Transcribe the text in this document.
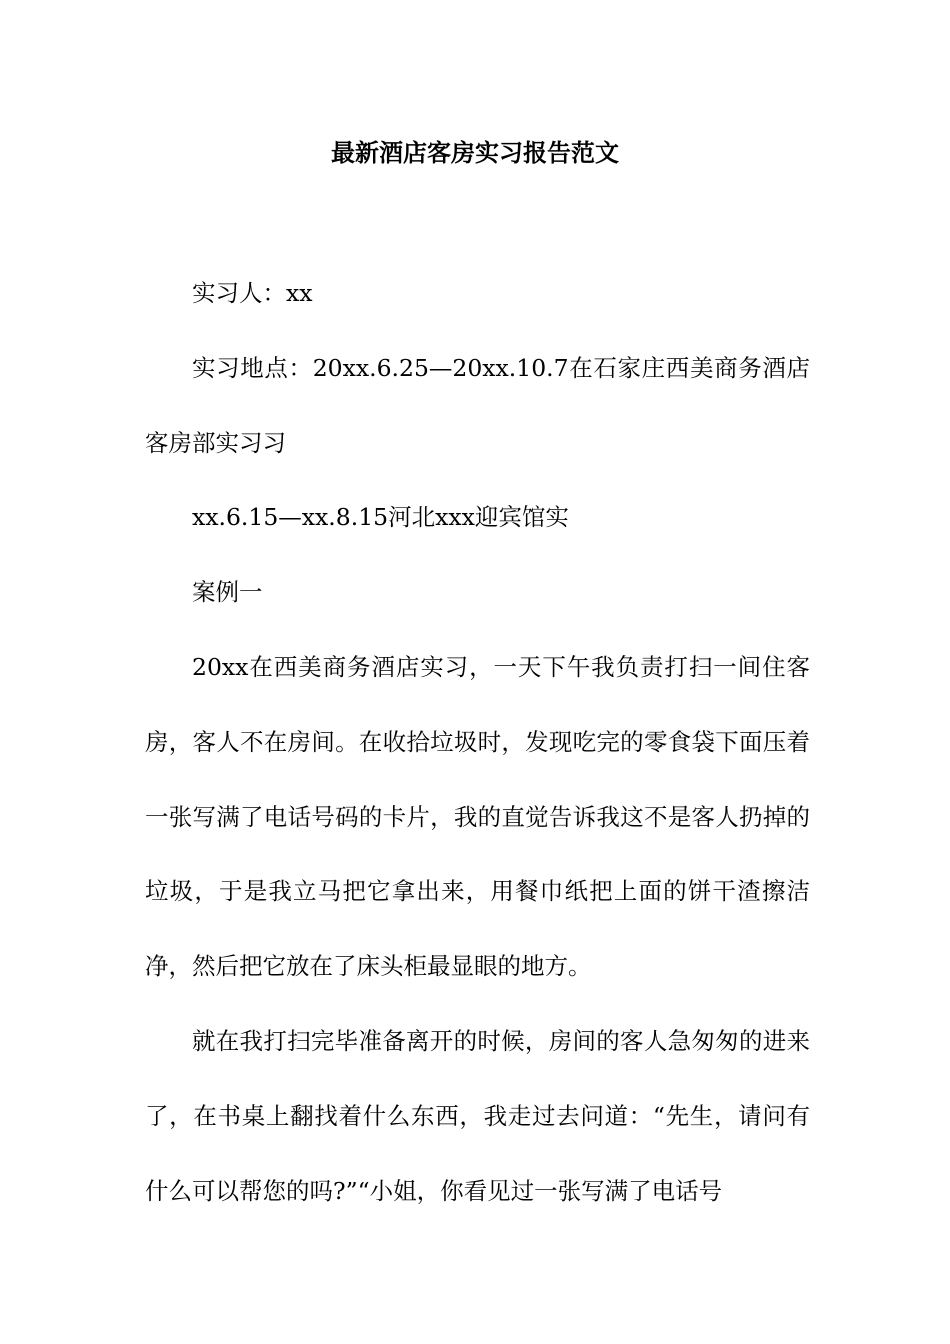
最新酒店客房实习报告范文

实习人：xx

实习地点：20xx.6.25—20xx.10.7在石家庄西美商务酒店客房部实习习

xx.6.15—xx.8.15河北xxx迎宾馆实

案例一

20xx在西美商务酒店实习，一天下午我负责打扫一间住客房，客人不在房间。在收拾垃圾时，发现吃完的零食袋下面压着一张写满了电话号码的卡片，我的直觉告诉我这不是客人扔掉的垃圾，于是我立马把它拿出来，用餐巾纸把上面的饼干渣擦洁净，然后把它放在了床头柜最显眼的地方。

就在我打扫完毕准备离开的时候，房间的客人急匆匆的进来了，在书桌上翻找着什么东西，我走过去问道：“先生，请问有什么可以帮您的吗?”“小姐，你看见过一张写满了电话号
